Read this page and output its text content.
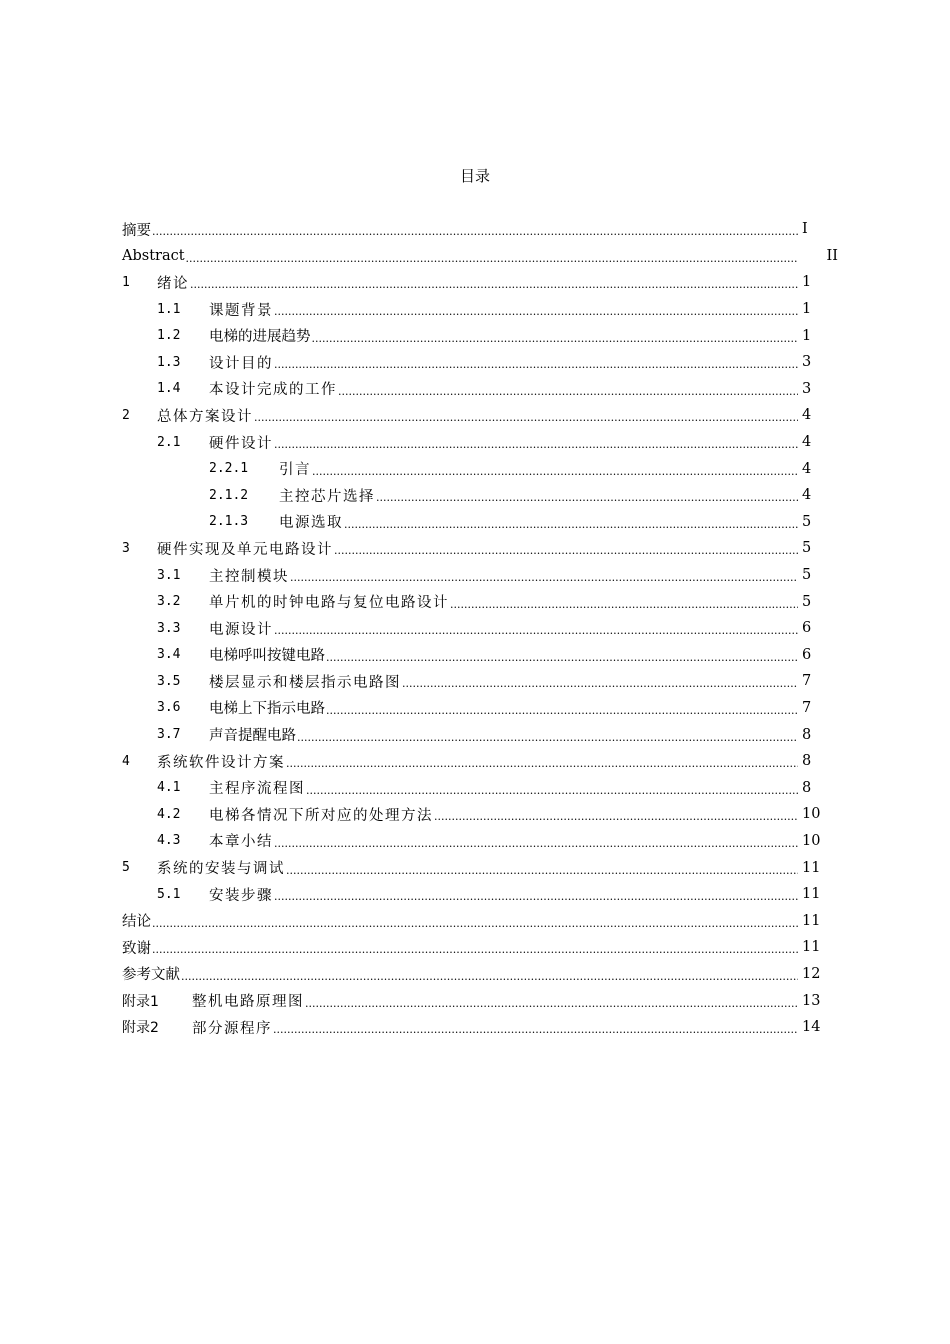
目录
摘要 .....	I
Abstract .....	II
1	绪论 .....	1
1.1	课题背景 .....	1
1.2	电梯的进展趋势 .....	1
1.3	设计目的 .....	3
1.4	本设计完成的工作 .....	3
2	总体方案设计 .....	4
2.1	硬件设计 .....	4
2.2.1	引言 .....	4
2.1.2	主控芯片选择 .....	4
2.1.3	电源选取 .....	5
3	硬件实现及单元电路设计 .....	5
3.1	主控制模块 .....	5
3.2	单片机的时钟电路与复位电路设计 .....	5
3.3	电源设计 .....	6
3.4	电梯呼叫按键电路 .....	6
3.5	楼层显示和楼层指示电路图 .....	7
3.6	电梯上下指示电路 .....	7
3.7	声音提醒电路 .....	8
4	系统软件设计方案 .....	8
4.1	主程序流程图 .....	8
4.2	电梯各情况下所对应的处理方法 .....	10
4.3	本章小结 .....	10
5	系统的安装与调试 .....	11
5.1	安装步骤 .....	11
结论 .....	11
致谢 .....	11
参考文献 .....	12
附录1	整机电路原理图 .....	13
附录2	部分源程序 .....	14
